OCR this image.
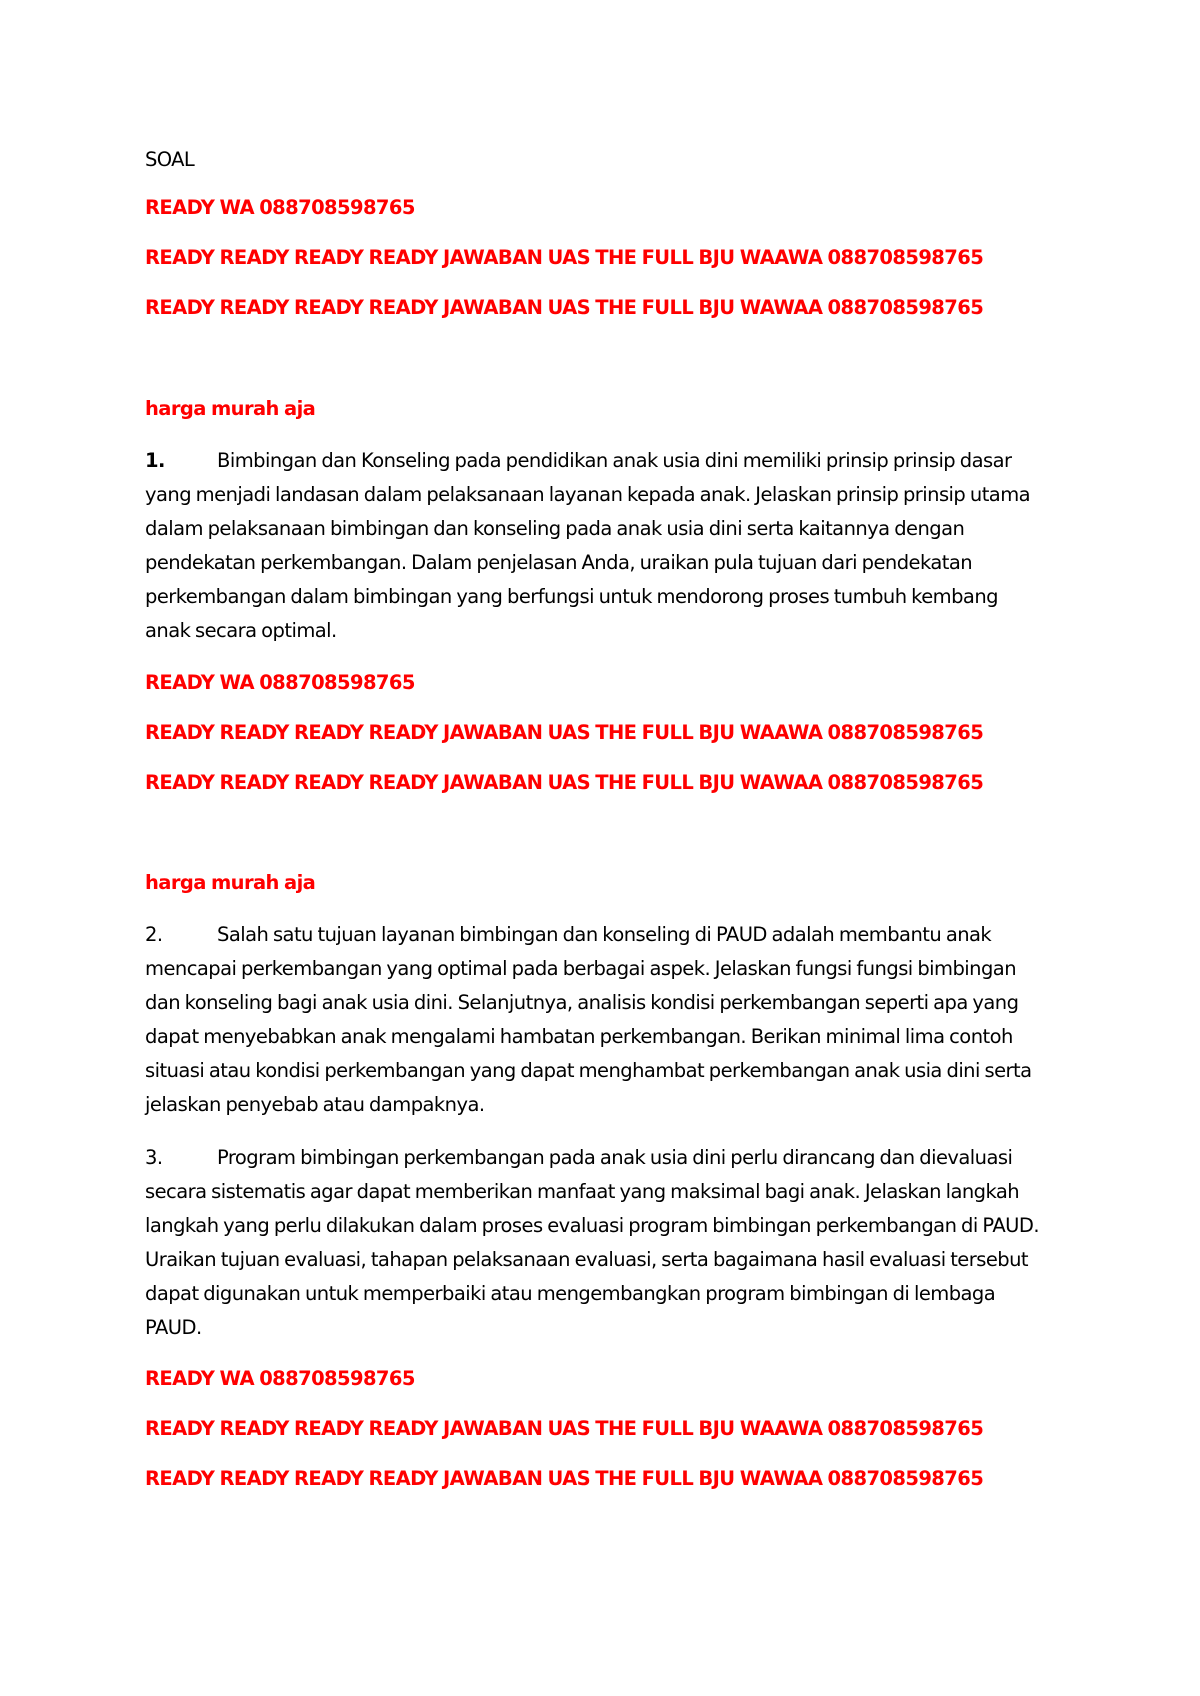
SOAL
READY WA 088708598765
READY READY READY READY JAWABAN UAS THE FULL BJU WAAWA 088708598765
READY READY READY READY JAWABAN UAS THE FULL BJU WAWAA 088708598765
harga murah aja
1.	Bimbingan dan Konseling pada pendidikan anak usia dini memiliki prinsip prinsip dasar yang menjadi landasan dalam pelaksanaan layanan kepada anak. Jelaskan prinsip prinsip utama dalam pelaksanaan bimbingan dan konseling pada anak usia dini serta kaitannya dengan pendekatan perkembangan. Dalam penjelasan Anda, uraikan pula tujuan dari pendekatan perkembangan dalam bimbingan yang berfungsi untuk mendorong proses tumbuh kembang anak secara optimal.
READY WA 088708598765
READY READY READY READY JAWABAN UAS THE FULL BJU WAAWA 088708598765
READY READY READY READY JAWABAN UAS THE FULL BJU WAWAA 088708598765
harga murah aja
2.	Salah satu tujuan layanan bimbingan dan konseling di PAUD adalah membantu anak mencapai perkembangan yang optimal pada berbagai aspek. Jelaskan fungsi fungsi bimbingan dan konseling bagi anak usia dini. Selanjutnya, analisis kondisi perkembangan seperti apa yang dapat menyebabkan anak mengalami hambatan perkembangan. Berikan minimal lima contoh situasi atau kondisi perkembangan yang dapat menghambat perkembangan anak usia dini serta jelaskan penyebab atau dampaknya.
3.	Program bimbingan perkembangan pada anak usia dini perlu dirancang dan dievaluasi secara sistematis agar dapat memberikan manfaat yang maksimal bagi anak. Jelaskan langkah langkah yang perlu dilakukan dalam proses evaluasi program bimbingan perkembangan di PAUD. Uraikan tujuan evaluasi, tahapan pelaksanaan evaluasi, serta bagaimana hasil evaluasi tersebut dapat digunakan untuk memperbaiki atau mengembangkan program bimbingan di lembaga PAUD.
READY WA 088708598765
READY READY READY READY JAWABAN UAS THE FULL BJU WAAWA 088708598765
READY READY READY READY JAWABAN UAS THE FULL BJU WAWAA 088708598765
